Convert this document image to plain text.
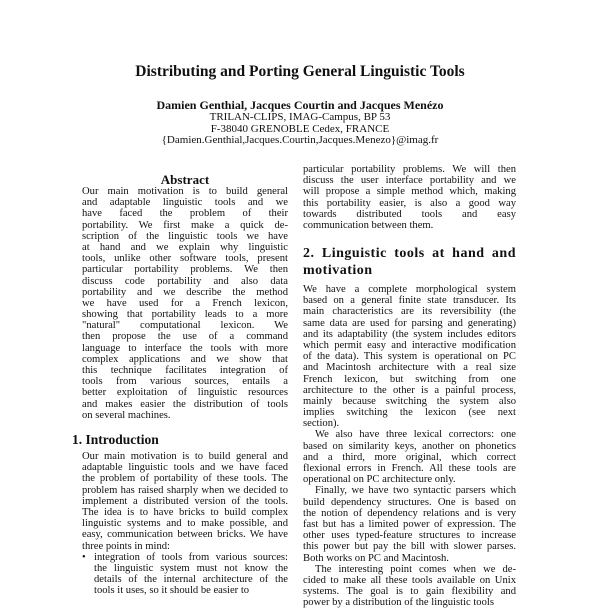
Distributing and Porting General Linguistic Tools
Damien Genthial, Jacques Courtin and Jacques Menézo
TRILAN-CLIPS, IMAG-Campus, BP 53
F-38040 GRENOBLE Cedex, FRANCE
{Damien.Genthial,Jacques.Courtin,Jacques.Menezo}@imag.fr
Abstract
Our main motivation is to build general
and adaptable linguistic tools and we
have faced the problem of their
portability. We first make a quick de-
scription of the linguistic tools we have
at hand and we explain why linguistic
tools, unlike other software tools, present
particular portability problems. We then
discuss code portability and also data
portability and we describe the method
we have used for a French lexicon,
showing that portability leads to a more
"natural" computational lexicon. We
then propose the use of a command
language to interface the tools with more
complex applications and we show that
this technique facilitates integration of
tools from various sources, entails a
better exploitation of linguistic resources
and makes easier the distribution of tools
on several machines.
1. Introduction
Our main motivation is to build general and
adaptable linguistic tools and we have faced
the problem of portability of these tools. The
problem has raised sharply when we decided to
implement a distributed version of the tools.
The idea is to have bricks to build complex
linguistic systems and to make possible, and
easy, communication between bricks. We have
three points in mind:
• integration of tools from various sources:
the linguistic system must not know the
details of the internal architecture of the
tools it uses, so it should be easier to
particular portability problems. We will then
discuss the user interface portability and we
will propose a simple method which, making
this portability easier, is also a good way
towards distributed tools and easy
communication between them.
2. Linguistic tools at hand and
motivation
We have a complete morphological system
based on a general finite state transducer. Its
main characteristics are its reversibility (the
same data are used for parsing and generating)
and its adaptability (the system includes editors
which permit easy and interactive modification
of the data). This system is operational on PC
and Macintosh architecture with a real size
French lexicon, but switching from one
architecture to the other is a painful process,
mainly because switching the system also
implies switching the lexicon (see next
section).
We also have three lexical correctors: one
based on similarity keys, another on phonetics
and a third, more original, which correct
flexional errors in French. All these tools are
operational on PC architecture only.
Finally, we have two syntactic parsers which
build dependency structures. One is based on
the notion of dependency relations and is very
fast but has a limited power of expression. The
other uses typed-feature structures to increase
this power but pay the bill with slower parses.
Both works on PC and Macintosh.
The interesting point comes when we de-
cided to make all these tools available on Unix
systems. The goal is to gain flexibility and
power by a distribution of the linguistic tools
